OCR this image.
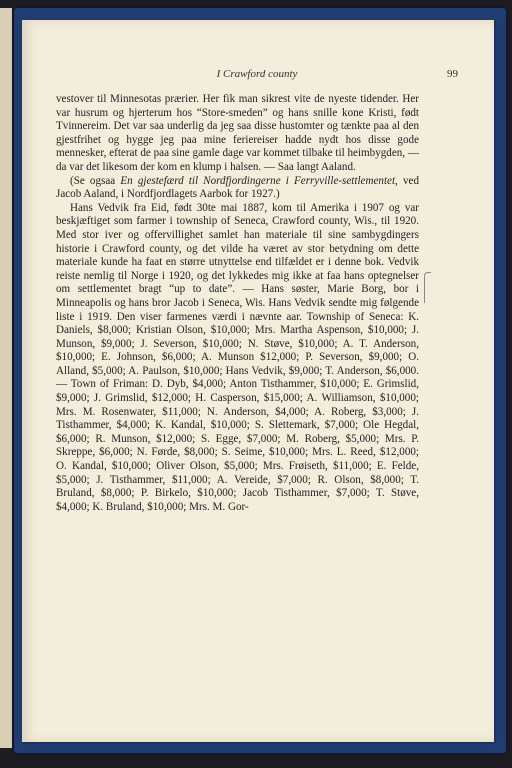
I Crawford county	99

vestover til Minnesotas prærier. Her fik man sikrest vite de nyeste tidender. Her var husrum og hjerterum hos “Store-smeden” og hans snille kone Kristi, født Tvinnereim. Det var saa underlig da jeg saa disse hustomter og tænkte paa al den gjestfrihet og hygge jeg paa mine feriereiser hadde nydt hos disse gode mennesker, efterat de paa sine gamle dage var kommet tilbake til heimbygden, — da var det likesom der kom en klump i halsen. — Saa langt Aaland.

(Se ogsaa En gjestefærd til Nordfjordingerne i Ferryville-settlementet, ved Jacob Aaland, i Nordfjordlagets Aarbok for 1927.)

Hans Vedvik fra Eid, født 30te mai 1887, kom til Amerika i 1907 og var beskjæftiget som farmer i township of Seneca, Crawford county, Wis., til 1920. Med stor iver og offervillighet samlet han materiale til sine sambygdingers historie i Crawford county, og det vilde ha været av stor betydning om dette materiale kunde ha faat en større utnyttelse end tilfældet er i denne bok. Vedvik reiste nemlig til Norge i 1920, og det lykkedes mig ikke at faa hans optegnelser om settlementet bragt “up to date”. — Hans søster, Marie Borg, bor i Minneapolis og hans bror Jacob i Seneca, Wis. Hans Vedvik sendte mig følgende liste i 1919. Den viser farmenes værdi i nævnte aar. Township of Seneca: K. Daniels, $8,000; Kristian Olson, $10,000; Mrs. Martha Aspenson, $10,000; J. Munson, $9,000; J. Severson, $10,000; N. Støve, $10,000; A. T. Anderson, $10,000; E. Johnson, $6,000; A. Munson $12,000; P. Severson, $9,000; O. Alland, $5,000; A. Paulson, $10,000; Hans Vedvik, $9,000; T. Anderson, $6,000. — Town of Friman: D. Dyb, $4,000; Anton Tisthammer, $10,000; E. Grimslid, $9,000; J. Grimslid, $12,000; H. Casperson, $15,000; A. Williamson, $10,000; Mrs. M. Rosenwater, $11,000; N. Anderson, $4,000; A. Roberg, $3,000; J. Tisthammer, $4,000; K. Kandal, $10,000; S. Slettemark, $7,000; Ole Hegdal, $6,000; R. Munson, $12,000; S. Egge, $7,000; M. Roberg, $5,000; Mrs. P. Skreppe, $6,000; N. Førde, $8,000; S. Seime, $10,000; Mrs. L. Reed, $12,000; O. Kandal, $10,000; Oliver Olson, $5,000; Mrs. Frøiseth, $11,000; E. Felde, $5,000; J. Tisthammer, $11,000; A. Vereide, $7,000; R. Olson, $8,000; T. Bruland, $8,000; P. Birkelo, $10,000; Jacob Tisthammer, $7,000; T. Støve, $4,000; K. Bruland, $10,000; Mrs. M. Gor-
